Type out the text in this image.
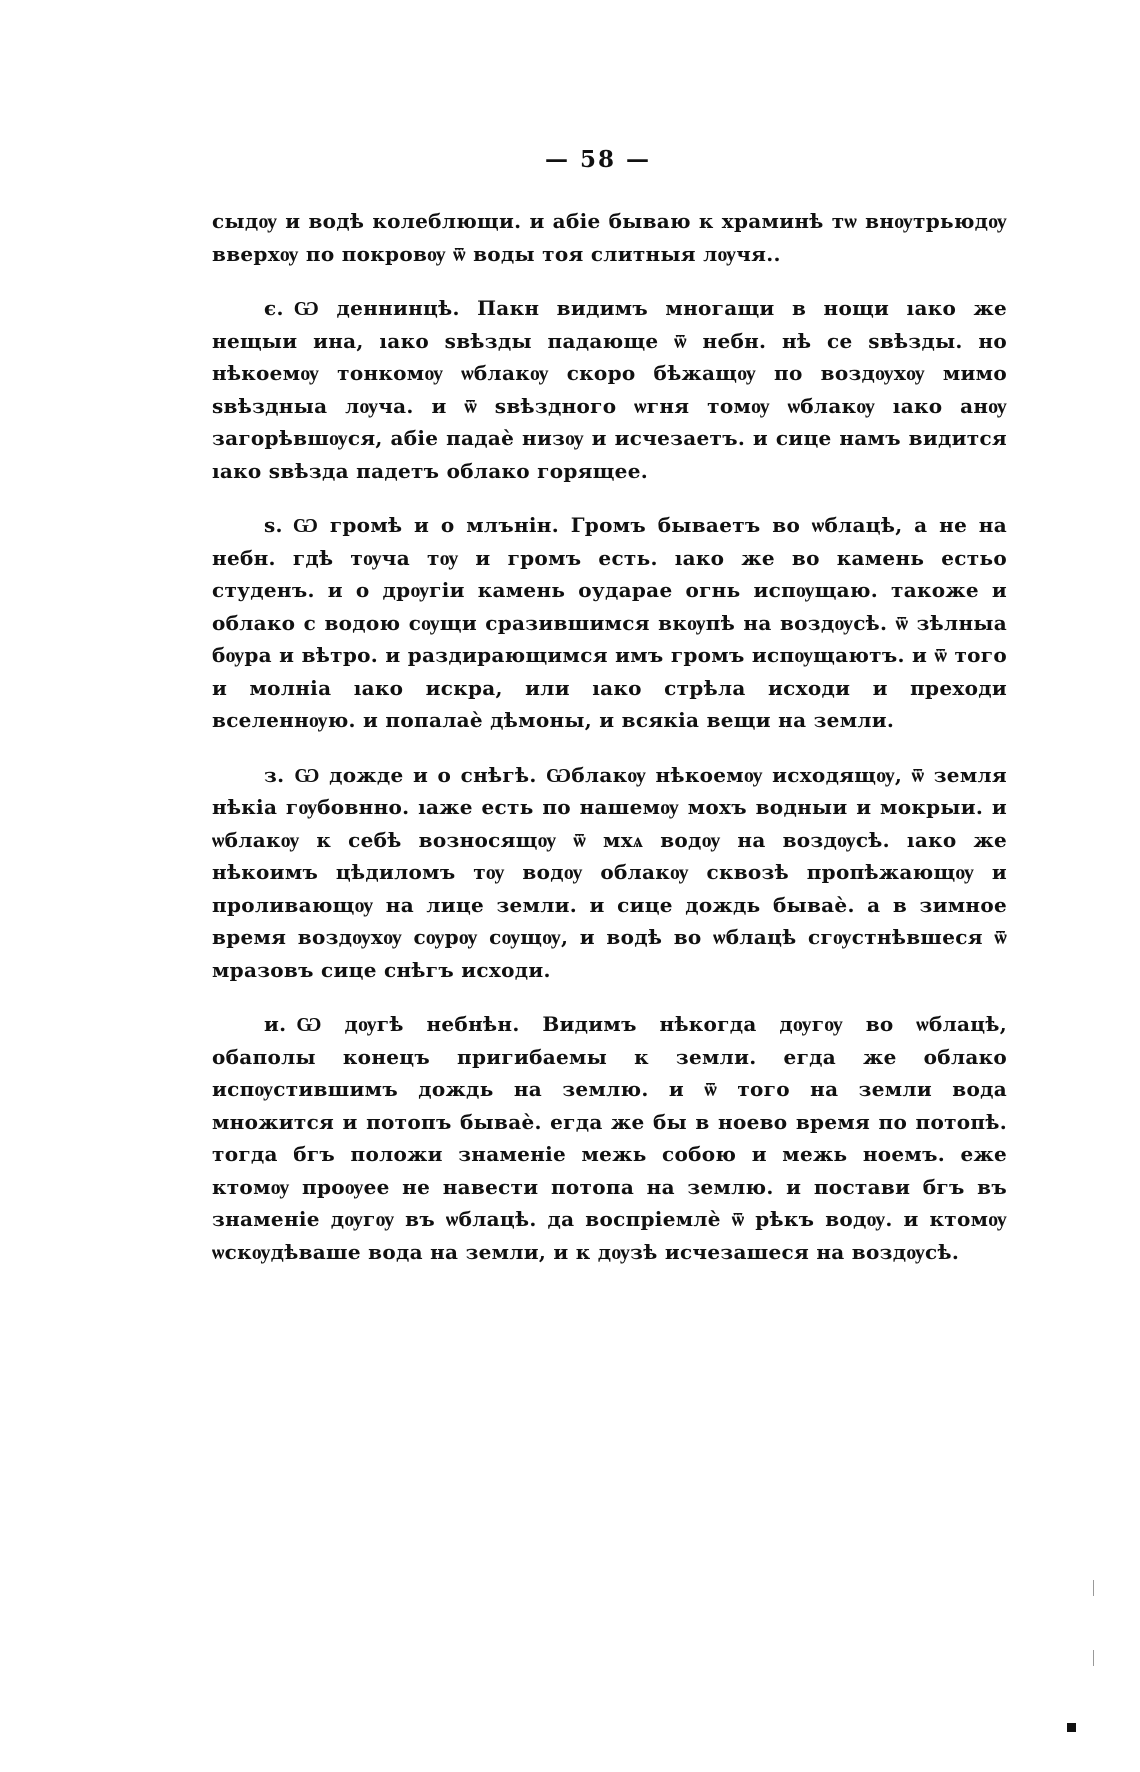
— 58 —

сыдѹ и водѣ колеблющи. и абіе бываю к храминѣ тѡ внѹтрьюдѹ вверхѹ по покровѹ ѿ воды тоя слитныя лѹчя..

є. Ѡ деннинцѣ. Пакн видимъ многащи в нощи ıако же нещыи ина, ıако ѕвѣзды падающе ѿ небн. нѣ се ѕвѣзды. но нѣкоемѹ тонкомѹ ѡблакѹ скоро бѣжащѹ по воздѹхѹ мимо ѕвѣздныа лѹча. и ѿ ѕвѣздного ѡгня томѹ ѡблакѹ ıако анѹ загорѣвшѹся, абіе падаѐ низѹ и исчезаетъ. и сице намъ видится ıако ѕвѣзда падетъ облако горящее.

ѕ. Ѡ громѣ и о млънін. Громъ бываетъ во ѡблацѣ, а не на небн. гдѣ тѹча тѹ и громъ есть. ıако же во камень естьо студенъ. и о дрѹгіи камень оударае огнь испѹщаю. такоже и облако с водою сѹщи сразившимся вкѹпѣ на воздѹсѣ. ѿ зѣлныа бѹра и вѣтро. и раздирающимся имъ громъ испѹщаютъ. и ѿ того и молніа ıако искра, или ıако стрѣла исходи и преходи вселеннѹю. и попалаѐ дѣмоны, и всякіа вещи на земли.

з. Ѡ дожде и о снѣгѣ. Ѡблакѹ нѣкоемѹ исходящѹ, ѿ земля нѣкіа гѹбовнно. ıаже есть по нашемѹ мохъ водныи и мокрыи. и ѡблакѹ к себѣ возносящѹ ѿ мхѧ водѹ на воздѹсѣ. ıако же нѣкоимъ цѣдиломъ тѹ водѹ облакѹ сквозѣ пропѣжающѹ и проливающѹ на лице земли. и сице дождь бываѐ. а в зимное время воздѹхѹ сѹрѹ сѹщѹ, и водѣ во ѡблацѣ сгѹстнѣвшеся ѿ мразовъ сице снѣгъ исходи.

и. Ѡ дѹгѣ небнѣн. Видимъ нѣкогда дѹгѹ во ѡблацѣ, обаполы конецъ пригибаемы к земли. егда же облако испѹстившимъ дождь на землю. и ѿ того на земли вода множится и потопъ бываѐ. егда же бы в ноево время по потопѣ. тогда бгъ положи знаменіе межь собою и межь ноемъ. еже ктомѹ проѹее не навести потопа на землю. и постави бгъ въ знаменіе дѹгѹ въ ѡблацѣ. да воспріемлѐ ѿ рѣкъ водѹ. и ктомѹ ѡскѹдѣваше вода на земли, и к дѹзѣ исчезашеся на воздѹсѣ.
